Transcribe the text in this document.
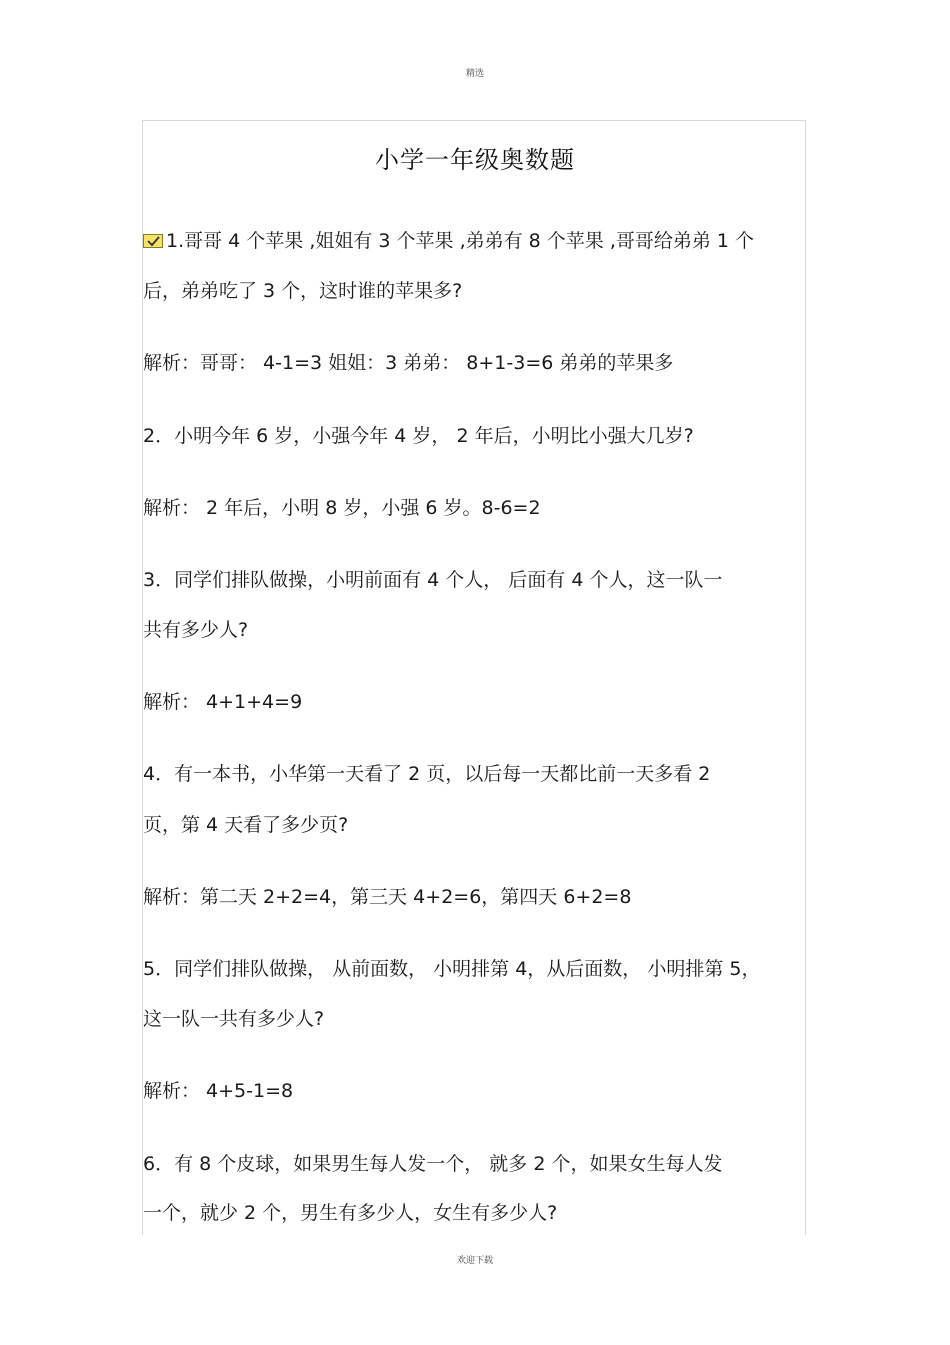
精选
小学一年级奥数题
1.哥哥 4 个苹果 ,姐姐有 3 个苹果 ,弟弟有 8 个苹果 ,哥哥给弟弟 1 个
后，弟弟吃了 3 个，这时谁的苹果多?
解析：哥哥： 4-1=3 姐姐：3 弟弟： 8+1-3=6 弟弟的苹果多
2．小明今年 6 岁，小强今年 4 岁， 2 年后，小明比小强大几岁?
解析： 2 年后，小明 8 岁，小强 6 岁。8-6=2
3．同学们排队做操，小明前面有 4 个人， 后面有 4 个人，这一队一
共有多少人?
解析： 4+1+4=9
4．有一本书，小华第一天看了 2 页，以后每一天都比前一天多看 2
页，第 4 天看了多少页?
解析：第二天 2+2=4，第三天 4+2=6，第四天 6+2=8
5．同学们排队做操， 从前面数， 小明排第 4，从后面数， 小明排第 5，
这一队一共有多少人?
解析： 4+5-1=8
6．有 8 个皮球，如果男生每人发一个， 就多 2 个，如果女生每人发
一个，就少 2 个，男生有多少人，女生有多少人?
欢迎下载
